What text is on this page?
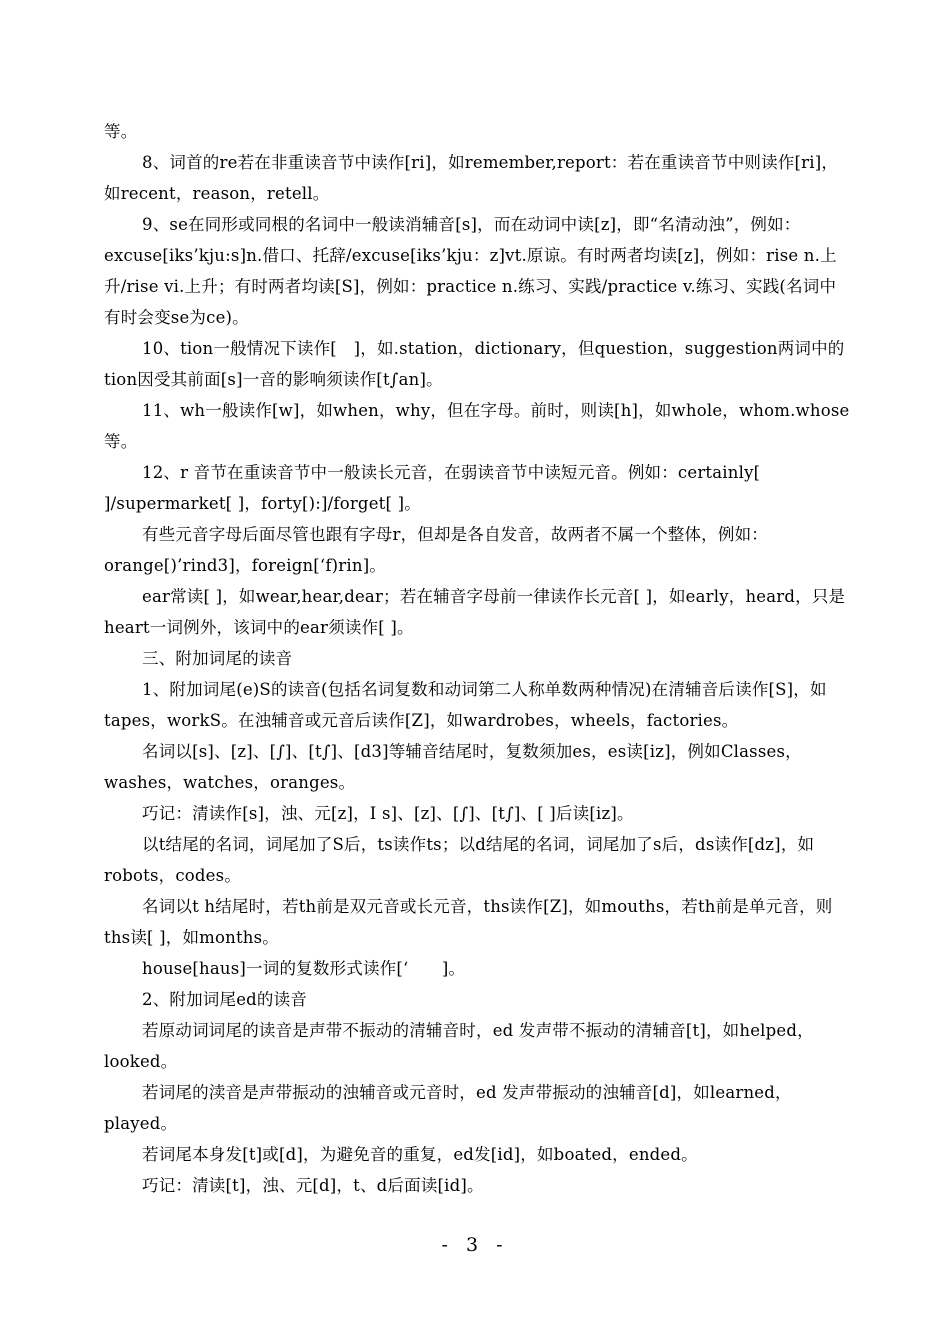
等。

8、词首的re若在非重读音节中读作[ri]，如remember,report：若在重读音节中则读作[ri]，如recent，reason，retell。

9、se在同形或同根的名词中一般读消辅音[s]，而在动词中读[z]，即“名清动浊”，例如：excuse[iks’kju:s]n.借口、托辞/excuse[iks’kju：z]vt.原谅。有时两者均读[z]，例如：rise n.上升/rise vi.上升；有时两者均读[S]，例如：practice n.练习、实践/practice v.练习、实践(名词中有时会变se为ce)。

10、tion一般情况下读作[　]，如.station，dictionary，但question，suggestion两词中的tion因受其前面[s]一音的影响须读作[t∫an]。

11、wh一般读作[w]，如when，why，但在字母。前时，则读[h]，如whole，whom.whose等。

12、r 音节在重读音节中一般读长元音，在弱读音节中读短元音。例如：certainly[ ]/supermarket[ ]，forty[):]/forget[ ]。

有些元音字母后面尽管也跟有字母r，但却是各自发音，故两者不属一个整体，例如：orange[)’rind3]，foreign[‘f)rin]。

ear常读[ ]，如wear,hear,dear；若在辅音字母前一律读作长元音[ ]，如early，heard，只是heart一词例外，该词中的ear须读作[ ]。

三、附加词尾的读音

1、附加词尾(e)S的读音(包括名词复数和动词第二人称单数两种情况)在清辅音后读作[S]，如tapes，workS。在浊辅音或元音后读作[Z]，如wardrobes，wheels，factories。

名词以[s]、[z]、[∫]、[t∫]、[d3]等辅音结尾时，复数须加es，es读[iz]，例如Classes，washes，watches，oranges。

巧记：清读作[s]，浊、元[z]，I s]、[z]、[∫]、[t∫]、[ ]后读[iz]。

以t结尾的名词，词尾加了S后，ts读作ts；以d结尾的名词，词尾加了s后，ds读作[dz]，如robots，codes。

名词以t h结尾时，若th前是双元音或长元音，ths读作[Z]，如mouths，若th前是单元音，则ths读[ ]，如months。

house[haus]一词的复数形式读作[‘　　]。

2、附加词尾ed的读音

若原动词词尾的读音是声带不振动的清辅音时，ed 发声带不振动的清辅音[t]，如helped，looked。

若词尾的渎音是声带振动的浊辅音或元音时，ed 发声带振动的浊辅音[d]，如learned，played。

若词尾本身发[t]或[d]，为避免音的重复，ed发[id]，如boated，ended。

巧记：清读[t]，浊、元[d]，t、d后面读[id]。

- 3 -
